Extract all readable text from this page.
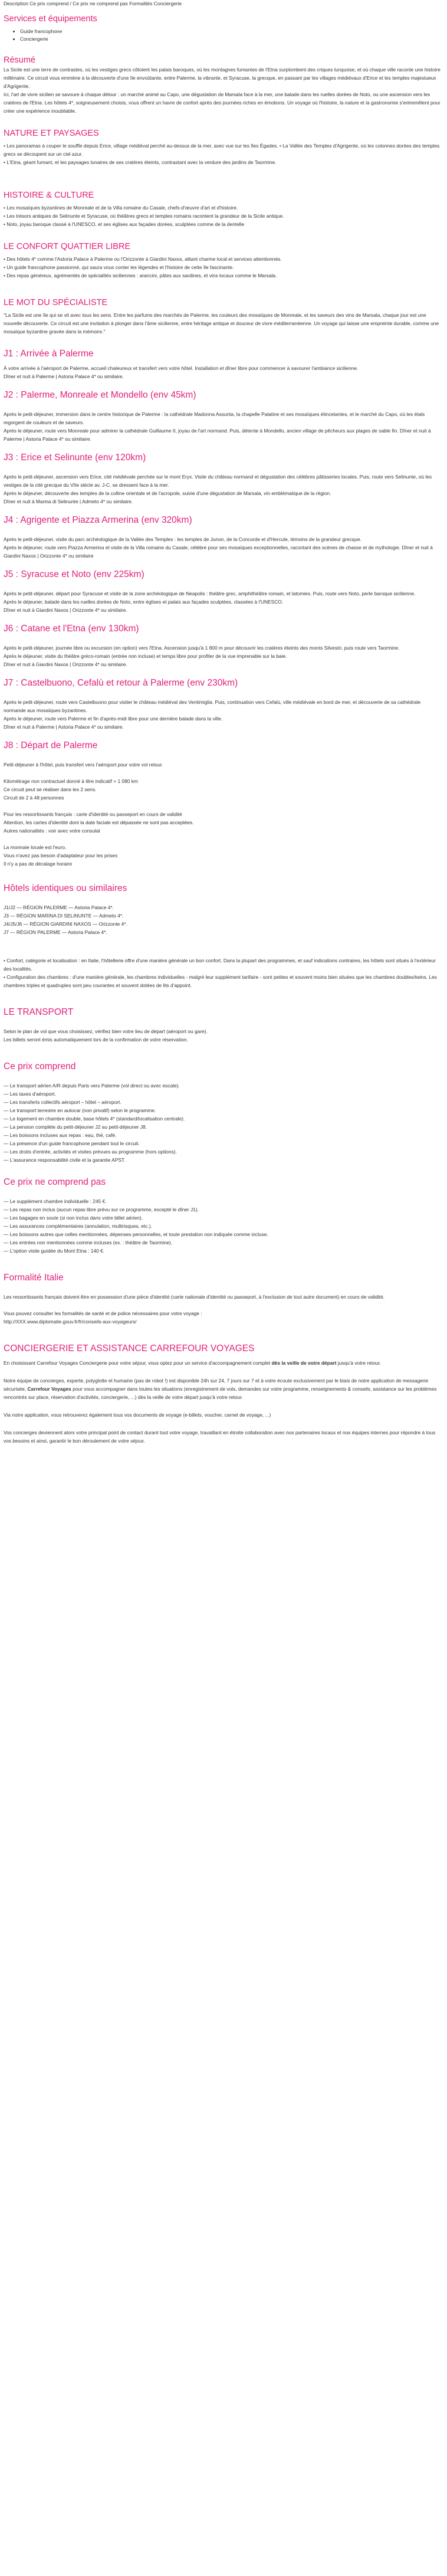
Description Ce prix comprend / Ce prix ne comprend pas Formalités Conciergerie

Services et équipements
• Guide francophone
• Conciergerie
Résumé

La Sicile est une terre de contrastes, où les vestiges grecs côtoient les palais baroques, où les montagnes fumantes de l'Etna surplombent des criques turquoise, et où chaque ville raconte une histoire millénaire. Ce circuit vous emmène à la découverte d'une île envoûtante, entre Palerme, la vibrante, et Syracuse, la grecque, en passant par les villages médiévaux d'Erice et les temples majestueux d'Agrigente.
Ici, l'art de vivre sicilien se savoure à chaque détour : un marché animé au Capo, une dégustation de Marsala face à la mer, une balade dans les ruelles dorées de Noto, ou une ascension vers les cratères de l'Etna. Les hôtels 4*, soigneusement choisis, vous offrent un havre de confort après des journées riches en émotions. Un voyage où l'histoire, la nature et la gastronomie s'entremêlent pour créer une expérience inoubliable.

NATURE ET PAYSAGES

• Les panoramas à couper le souffle depuis Erice, village médiéval perché au-dessus de la mer, avec vue sur les îles Égades. • La Vallée des Temples d'Agrigente, où les colonnes dorées des temples grecs se découpent sur un ciel azur.
• L'Etna, géant fumant, et les paysages lunaires de ses cratères éteints, contrastant avec la verdure des jardins de Taormine.

HISTOIRE & CULTURE

• Les mosaïques byzantines de Monreale et de la Villa romaine du Casale, chefs-d'œuvre d'art et d'histoire.
• Les trésors antiques de Selinunte et Syracuse, où théâtres grecs et temples romains racontent la grandeur de la Sicile antique.
• Noto, joyau baroque classé à l'UNESCO, et ses églises aux façades dorées, sculptées comme de la dentelle

LE CONFORT QUATTIER LIBRE

• Des hôtels 4* comme l'Astoria Palace à Palerme ou l'Orizzonte à Giardini Naxos, alliant charme local et services attentionnés.
• Un guide francophone passionné, qui saura vous conter les légendes et l'histoire de cette île fascinante.
• Des repas généreux, agrémentés de spécialités siciliennes : arancini, pâtes aux sardines, et vins locaux comme le Marsala.

LE MOT DU SPÉCIALISTE

"La Sicile est une île qui se vit avec tous les sens. Entre les parfums des marchés de Palerme, les couleurs des mosaïques de Monreale, et les saveurs des vins de Marsala, chaque jour est une nouvelle découverte. Ce circuit est une invitation à plonger dans l'âme sicilienne, entre héritage antique et douceur de vivre méditerranéenne. Un voyage qui laisse une empreinte durable, comme une mosaïque byzantine gravée dans la mémoire."

J1 : Arrivée à Palerme

À votre arrivée à l'aéroport de Palerme, accueil chaleureux et transfert vers votre hôtel. Installation et dîner libre pour commencer à savourer l'ambiance sicilienne.
Dîner et nuit à Palerme | Astoria Palace 4* ou similaire.

J2 : Palerme, Monreale et Mondello (env 45km)

Après le petit-déjeuner, immersion dans le centre historique de Palerme : la cathédrale Madonna Assunta, la chapelle Palatine et ses mosaïques étincelantes, et le marché du Capo, où les étals regorgent de couleurs et de saveurs.
Après le déjeuner, route vers Monreale pour admirer la cathédrale Guillaume II, joyau de l'art normand. Puis, détente à Mondello, ancien village de pêcheurs aux plages de sable fin. Dîner et nuit à Palerme | Astoria Palace 4* ou similaire.

J3 : Erice et Selinunte (env 120km)

Après le petit-déjeuner, ascension vers Erice, cité médiévale perchée sur le mont Eryx. Visite du château normand et dégustation des célèbres pâtisseries locales. Puis, route vers Selinunte, où les vestiges de la cité grecque du VIIe siècle av. J-C. se dressent face à la mer.
Après le déjeuner, découverte des temples de la colline orientale et de l'acropole, suivie d'une dégustation de Marsala, vin emblématique de la région.
Dîner et nuit à Marina di Selinunte | Admeto 4* ou similaire.

J4 : Agrigente et Piazza Armerina (env 320km)

Après le petit-déjeuner, visite du parc archéologique de la Vallée des Temples : les temples de Junon, de la Concorde et d'Hercule, témoins de la grandeur grecque.
Après le déjeuner, route vers Piazza Armerina et visite de la Villa romaine du Casale, célèbre pour ses mosaïques exceptionnelles, racontant des scènes de chasse et de mythologie. Dîner et nuit à Giardini Naxos | Orizzonte 4* ou similaire

J5 : Syracuse et Noto (env 225km)

Après le petit-déjeuner, départ pour Syracuse et visite de la zone archéologique de Neapolis : théâtre grec, amphithéâtre romain, et latomies. Puis, route vers Noto, perle baroque sicilienne.
Après le déjeuner, balade dans les ruelles dorées de Noto, entre églises et palais aux façades sculptées, classées à l'UNESCO.
Dîner et nuit à Giardini Naxos | Orizzonte 4* ou similaire.

J6 : Catane et l'Etna (env 130km)

Après le petit-déjeuner, journée libre ou excursion (en option) vers l'Etna. Ascension jusqu'à 1 800 m pour découvrir les cratères éteints des monts Silvestri, puis route vers Taormine.
Après le déjeuner, visite du théâtre gréco-romain (entrée non incluse) et temps libre pour profiter de la vue imprenable sur la baie.
Dîner et nuit à Giardini Naxos | Orizzonte 4* ou similaire.

J7 : Castelbuono, Cefalù et retour à Palerme (env 230km)

Après le petit-déjeuner, route vers Castelbuono pour visiter le château médiéval des Ventimiglia. Puis, continuation vers Cefalù, ville médiévale en bord de mer, et découverte de sa cathédrale normande aux mosaïques byzantines.
Après le déjeuner, route vers Palerme et fin d'après-midi libre pour une dernière balade dans la ville.
Dîner et nuit à Palerme | Astoria Palace 4* ou similaire.

J8 : Départ de Palerme

Petit-déjeuner à l'hôtel, puis transfert vers l'aéroport pour votre vol retour.

Kilométrage non contractuel donné à titre indicatif = 1 080 km
Ce circuit peut se réaliser dans les 2 sens.
Circuit de 2 à 48 personnes

Pour les ressortissants français : carte d'identité ou passeport en cours de validité
Attention, les cartes d'identité dont la date faciale est dépassée ne sont pas acceptées.
Autres nationalités : voir avec votre consulat

La monnaie locale est l'euro.
Vous n'avez pas besoin d'adaptateur pour les prises
Il n'y a pas de décalage horaire

Hôtels identiques ou similaires

J1/J2 — RÉGION PALERME — Astoria Palace 4*.
J3 — RÉGION MARINA DI SELINUNTE — Admeto 4*.
J4/J5/J6 — RÉGION GIARDINI NAXOS — Orizzonte 4*.
J7 — RÉGION PALERME — Astoria Palace 4*.

• Confort, catégorie et localisation : en Italie, l'hôtellerie offre d'une manière générale un bon confort. Dans la plupart des programmes, et sauf indications contraires, les hôtels sont situés à l'extérieur des localités.
• Configuration des chambres : d'une manière générale, les chambres individuelles - malgré leur supplément tarifaire - sont petites et souvent moins bien situées que les chambres doubles/twins. Les chambres triples et quadruples sont peu courantes et souvent dotées de lits d'appoint.

LE TRANSPORT

Selon le plan de vol que vous choisissez, vérifiez bien votre lieu de départ (aéroport ou gare).
Les billets seront émis automatiquement lors de la confirmation de votre réservation.

Ce prix comprend

— Le transport aérien A/R depuis Paris vers Palerme (vol direct ou avec escale).
— Les taxes d'aéroport.
— Les transferts collectifs aéroport – hôtel – aéroport.
— Le transport terrestre en autocar (non privatif) selon le programme.
— Le logement en chambre double, base hôtels 4* (standard/localisation centrale).
— La pension complète du petit-déjeuner J2 au petit-déjeuner J8.
— Les boissons incluses aux repas : eau, thé, café.
— La présence d'un guide francophone pendant tout le circuit.
— Les droits d'entrée, activités et visites prévues au programme (hors options).
— L'assurance responsabilité civile et la garantie APST.

Ce prix ne comprend pas

— Le supplément chambre individuelle : 245 €.
— Les repas non inclus (aucun repas libre prévu sur ce programme, excepté le dîner J1).
— Les bagages en soute (si non inclus dans votre billet aérien).
— Les assurances complémentaires (annulation, multirisques, etc.).
— Les boissons autres que celles mentionnées, dépenses personnelles, et toute prestation non indiquée comme incluse.
— Les entrées non mentionnées comme incluses (ex. : théâtre de Taormine).
— L'option visite guidée du Mont Etna : 140 €.

Formalité Italie

Les ressortissants français doivent être en possession d'une pièce d'identité (carte nationale d'identité ou passeport, à l'exclusion de tout autre document) en cours de validité.

Vous pouvez consulter les formalités de santé et de police nécessaires pour votre voyage :
http://XXX.www.diplomatie.gouv.fr/fr/conseils-aux-voyageurs/

CONCIERGERIE ET ASSISTANCE CARREFOUR VOYAGES

En choisissant Carrefour Voyages Conciergerie pour votre séjour, vous optez pour un service d'accompagnement complet dès la veille de votre départ jusqu'à votre retour.

Notre équipe de concierges, experte, polyglotte et humaine (pas de robot !) est disponible 24h sur 24, 7 jours sur 7 et à votre écoute exclusivement par le biais de notre application de messagerie sécurisée, Carrefour Voyages pour vous accompagner dans toutes les situations (enregistrement de vols, demandes sur votre programme, renseignements & conseils, assistance sur les problèmes rencontrés sur place, réservation d'activités, conciergerie, ...) dès la veille de votre départ jusqu'à votre retour.

Via notre application, vous retrouverez également tous vos documents de voyage (e-billets, voucher, carnet de voyage, ...)

Vos concierges deviennent alors votre principal point de contact durant tout votre voyage, travaillant en étroite collaboration avec nos partenaires locaux et nos équipes internes pour répondre à tous vos besoins et ainsi, garantir le bon déroulement de votre séjour.
